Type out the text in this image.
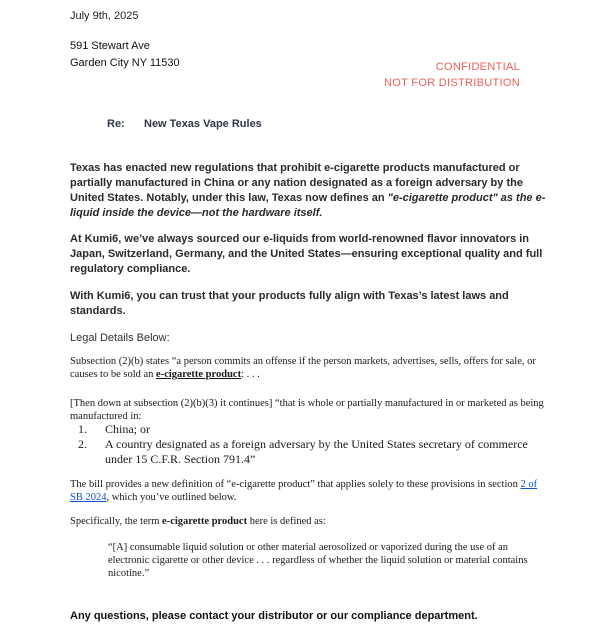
July 9th, 2025
591 Stewart Ave
Garden City NY 11530	CONFIDENTIAL
NOT FOR DISTRIBUTION
Re: New Texas Vape Rules

Texas has enacted new regulations that prohibit e-cigarette products manufactured or partially manufactured in China or any nation designated as a foreign adversary by the United States. Notably, under this law, Texas now defines an "e-cigarette product" as the e-liquid inside the device—not the hardware itself.

At Kumi6, we’ve always sourced our e-liquids from world-renowned flavor innovators in Japan, Switzerland, Germany, and the United States—ensuring exceptional quality and full regulatory compliance.

With Kumi6, you can trust that your products fully align with Texas’s latest laws and standards.

Legal Details Below:

Subsection (2)(b) states “a person commits an offense if the person markets, advertises, sells, offers for sale, or causes to be sold an e-cigarette product: . . .

[Then down at subsection (2)(b)(3) it continues] “that is whole or partially manufactured in or marketed as being manufactured in:

1.	China; or
2.	A country designated as a foreign adversary by the United States secretary of commerce under 15 C.F.R. Section 791.4”

The bill provides a new definition of “e-cigarette product” that applies solely to these provisions in section 2 of SB 2024, which you’ve outlined below.

Specifically, the term e-cigarette product here is defined as:

“[A] consumable liquid solution or other material aerosolized or vaporized during the use of an electronic cigarette or other device . . . regardless of whether the liquid solution or material contains nicotine.”

Any questions, please contact your distributor or our compliance department.
